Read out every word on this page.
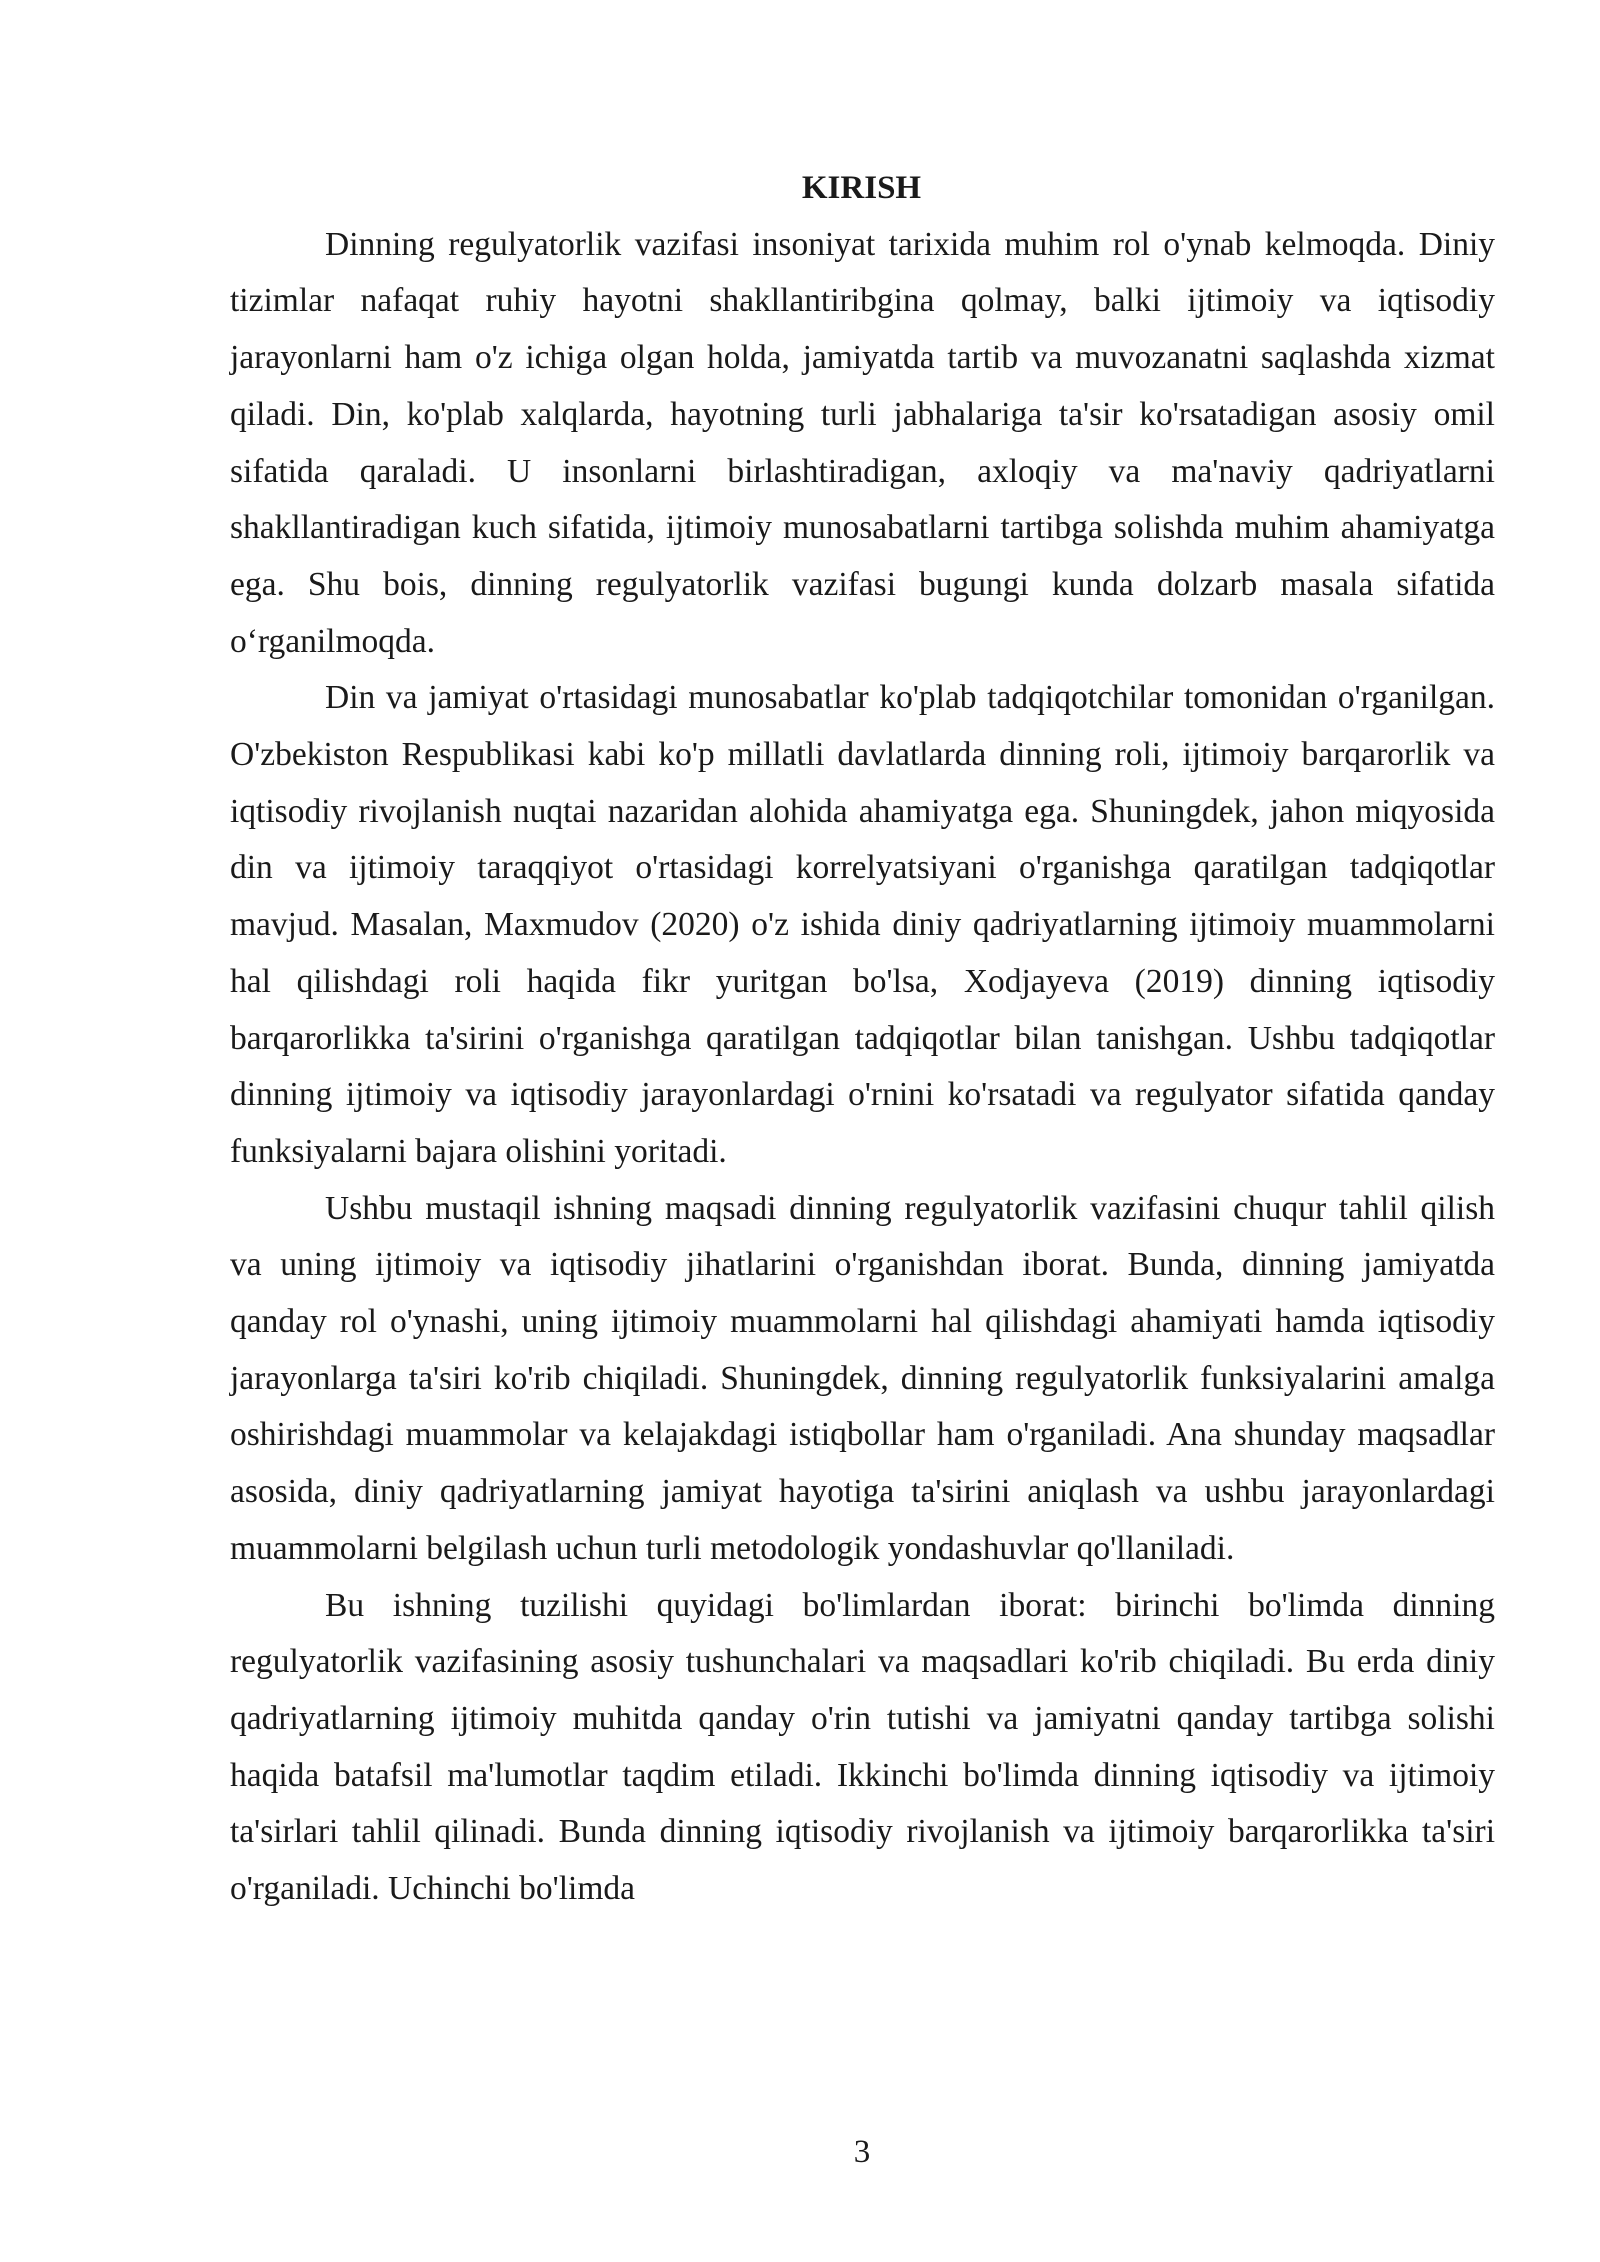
KIRISH

Dinning regulyatorlik vazifasi insoniyat tarixida muhim rol o'ynab kelmoqda. Diniy tizimlar nafaqat ruhiy hayotni shakllantiribgina qolmay, balki ijtimoiy va iqtisodiy jarayonlarni ham o'z ichiga olgan holda, jamiyatda tartib va muvozanatni saqlashda xizmat qiladi. Din, ko'plab xalqlarda, hayotning turli jabhalariga ta'sir ko'rsatadigan asosiy omil sifatida qaraladi. U insonlarni birlashtiradigan, axloqiy va ma'naviy qadriyatlarni shakllantiradigan kuch sifatida, ijtimoiy munosabatlarni tartibga solishda muhim ahamiyatga ega. Shu bois, dinning regulyatorlik vazifasi bugungi kunda dolzarb masala sifatida o‘rganilmoqda.

Din va jamiyat o'rtasidagi munosabatlar ko'plab tadqiqotchilar tomonidan o'rganilgan. O'zbekiston Respublikasi kabi ko'p millatli davlatlarda dinning roli, ijtimoiy barqarorlik va iqtisodiy rivojlanish nuqtai nazaridan alohida ahamiyatga ega. Shuningdek, jahon miqyosida din va ijtimoiy taraqqiyot o'rtasidagi korrelyatsiyani o'rganishga qaratilgan tadqiqotlar mavjud. Masalan, Maxmudov (2020) o'z ishida diniy qadriyatlarning ijtimoiy muammolarni hal qilishdagi roli haqida fikr yuritgan bo'lsa, Xodjayeva (2019) dinning iqtisodiy barqarorlikka ta'sirini o'rganishga qaratilgan tadqiqotlar bilan tanishgan. Ushbu tadqiqotlar dinning ijtimoiy va iqtisodiy jarayonlardagi o'rnini ko'rsatadi va regulyator sifatida qanday funksiyalarni bajara olishini yoritadi.

Ushbu mustaqil ishning maqsadi dinning regulyatorlik vazifasini chuqur tahlil qilish va uning ijtimoiy va iqtisodiy jihatlarini o'rganishdan iborat. Bunda, dinning jamiyatda qanday rol o'ynashi, uning ijtimoiy muammolarni hal qilishdagi ahamiyati hamda iqtisodiy jarayonlarga ta'siri ko'rib chiqiladi. Shuningdek, dinning regulyatorlik funksiyalarini amalga oshirishdagi muammolar va kelajakdagi istiqbollar ham o'rganiladi. Ana shunday maqsadlar asosida, diniy qadriyatlarning jamiyat hayotiga ta'sirini aniqlash va ushbu jarayonlardagi muammolarni belgilash uchun turli metodologik yondashuvlar qo'llaniladi.

Bu ishning tuzilishi quyidagi bo'limlardan iborat: birinchi bo'limda dinning regulyatorlik vazifasining asosiy tushunchalari va maqsadlari ko'rib chiqiladi. Bu erda diniy qadriyatlarning ijtimoiy muhitda qanday o'rin tutishi va jamiyatni qanday tartibga solishi haqida batafsil ma'lumotlar taqdim etiladi. Ikkinchi bo'limda dinning iqtisodiy va ijtimoiy ta'sirlari tahlil qilinadi. Bunda dinning iqtisodiy rivojlanish va ijtimoiy barqarorlikka ta'siri o'rganiladi. Uchinchi bo'limda

3
